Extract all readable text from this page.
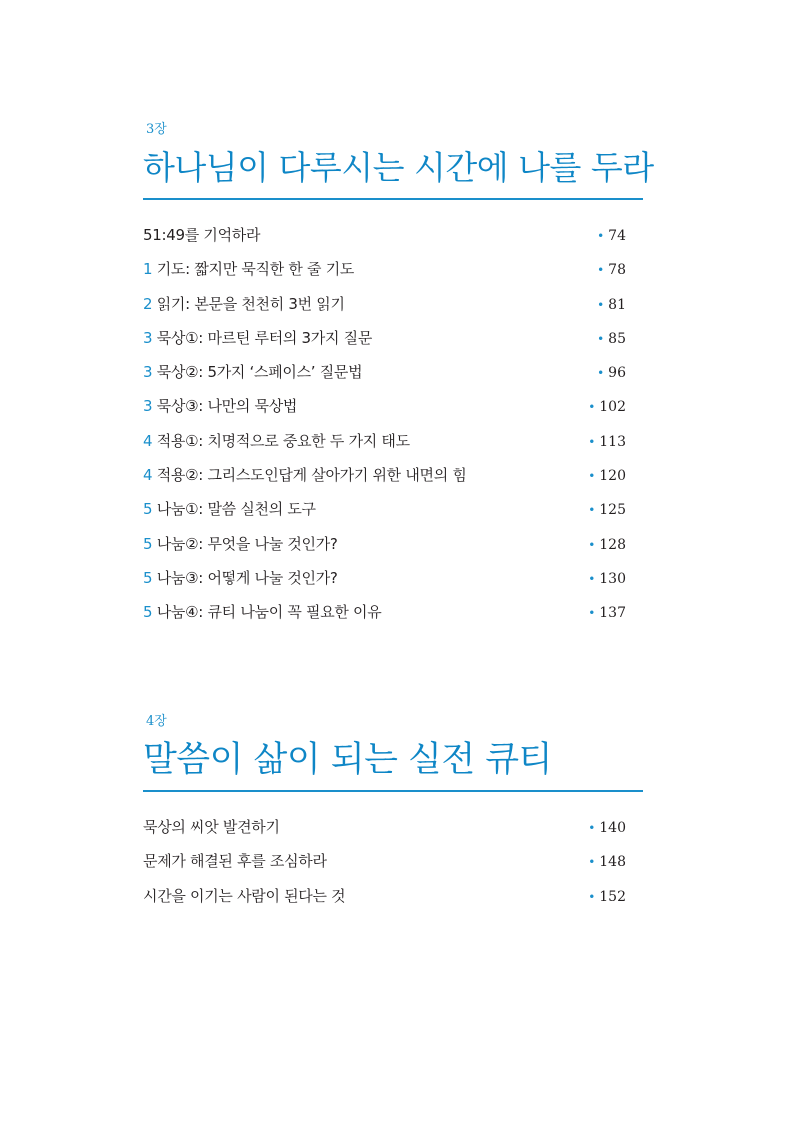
3장
하나님이 다루시는 시간에 나를 두라
51:49를 기억하라	• 74
1 기도: 짧지만 묵직한 한 줄 기도	• 78
2 읽기: 본문을 천천히 3번 읽기	• 81
3 묵상①: 마르틴 루터의 3가지 질문	• 85
3 묵상②: 5가지 ‘스페이스’ 질문법	• 96
3 묵상③: 나만의 묵상법	• 102
4 적용①: 치명적으로 중요한 두 가지 태도	• 113
4 적용②: 그리스도인답게 살아가기 위한 내면의 힘	• 120
5 나눔①: 말씀 실천의 도구	• 125
5 나눔②: 무엇을 나눌 것인가?	• 128
5 나눔③: 어떻게 나눌 것인가?	• 130
5 나눔④: 큐티 나눔이 꼭 필요한 이유	• 137
4장
말씀이 삶이 되는 실전 큐티
묵상의 씨앗 발견하기	• 140
문제가 해결된 후를 조심하라	• 148
시간을 이기는 사람이 된다는 것	• 152
